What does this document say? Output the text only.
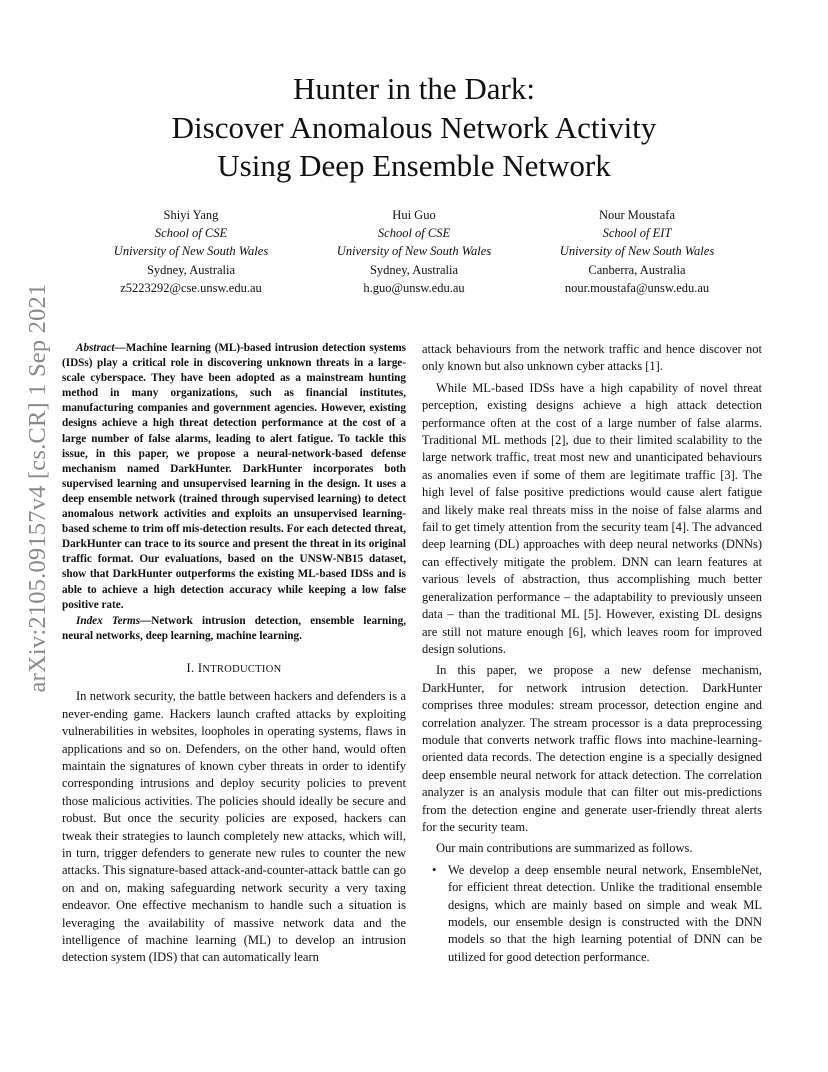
arXiv:2105.09157v4 [cs.CR] 1 Sep 2021
Hunter in the Dark:
Discover Anomalous Network Activity
Using Deep Ensemble Network
Shiyi Yang
School of CSE
University of New South Wales
Sydney, Australia
z5223292@cse.unsw.edu.au
Hui Guo
School of CSE
University of New South Wales
Sydney, Australia
h.guo@unsw.edu.au
Nour Moustafa
School of EIT
University of New South Wales
Canberra, Australia
nour.moustafa@unsw.edu.au

Abstract—Machine learning (ML)-based intrusion detection systems (IDSs) play a critical role in discovering unknown threats in a large-scale cyberspace. They have been adopted as a mainstream hunting method in many organizations, such as financial institutes, manufacturing companies and government agencies. However, existing designs achieve a high threat detection performance at the cost of a large number of false alarms, leading to alert fatigue. To tackle this issue, in this paper, we propose a neural-network-based defense mechanism named DarkHunter. DarkHunter incorporates both supervised learning and unsupervised learning in the design. It uses a deep ensemble network (trained through supervised learning) to detect anomalous network activities and exploits an unsupervised learning-based scheme to trim off mis-detection results. For each detected threat, DarkHunter can trace to its source and present the threat in its original traffic format. Our evaluations, based on the UNSW-NB15 dataset, show that DarkHunter outperforms the existing ML-based IDSs and is able to achieve a high detection accuracy while keeping a low false positive rate.

Index Terms—Network intrusion detection, ensemble learning, neural networks, deep learning, machine learning.

I. INTRODUCTION

In network security, the battle between hackers and defenders is a never-ending game. Hackers launch crafted attacks by exploiting vulnerabilities in websites, loopholes in operating systems, flaws in applications and so on. Defenders, on the other hand, would often maintain the signatures of known cyber threats in order to identify corresponding intrusions and deploy security policies to prevent those malicious activities. The policies should ideally be secure and robust. But once the security policies are exposed, hackers can tweak their strategies to launch completely new attacks, which will, in turn, trigger defenders to generate new rules to counter the new attacks. This signature-based attack-and-counter-attack battle can go on and on, making safeguarding network security a very taxing endeavor. One effective mechanism to handle such a situation is leveraging the availability of massive network data and the intelligence of machine learning (ML) to develop an intrusion detection system (IDS) that can automatically learn

attack behaviours from the network traffic and hence discover not only known but also unknown cyber attacks [1].

While ML-based IDSs have a high capability of novel threat perception, existing designs achieve a high attack detection performance often at the cost of a large number of false alarms. Traditional ML methods [2], due to their limited scalability to the large network traffic, treat most new and unanticipated behaviours as anomalies even if some of them are legitimate traffic [3]. The high level of false positive predictions would cause alert fatigue and likely make real threats miss in the noise of false alarms and fail to get timely attention from the security team [4]. The advanced deep learning (DL) approaches with deep neural networks (DNNs) can effectively mitigate the problem. DNN can learn features at various levels of abstraction, thus accomplishing much better generalization performance – the adaptability to previously unseen data – than the traditional ML [5]. However, existing DL designs are still not mature enough [6], which leaves room for improved design solutions.

In this paper, we propose a new defense mechanism, DarkHunter, for network intrusion detection. DarkHunter comprises three modules: stream processor, detection engine and correlation analyzer. The stream processor is a data preprocessing module that converts network traffic flows into machine-learning-oriented data records. The detection engine is a specially designed deep ensemble neural network for attack detection. The correlation analyzer is an analysis module that can filter out mis-predictions from the detection engine and generate user-friendly threat alerts for the security team.

Our main contributions are summarized as follows.

• We develop a deep ensemble neural network, EnsembleNet, for efficient threat detection. Unlike the traditional ensemble designs, which are mainly based on simple and weak ML models, our ensemble design is constructed with the DNN models so that the high learning potential of DNN can be utilized for good detection performance.
